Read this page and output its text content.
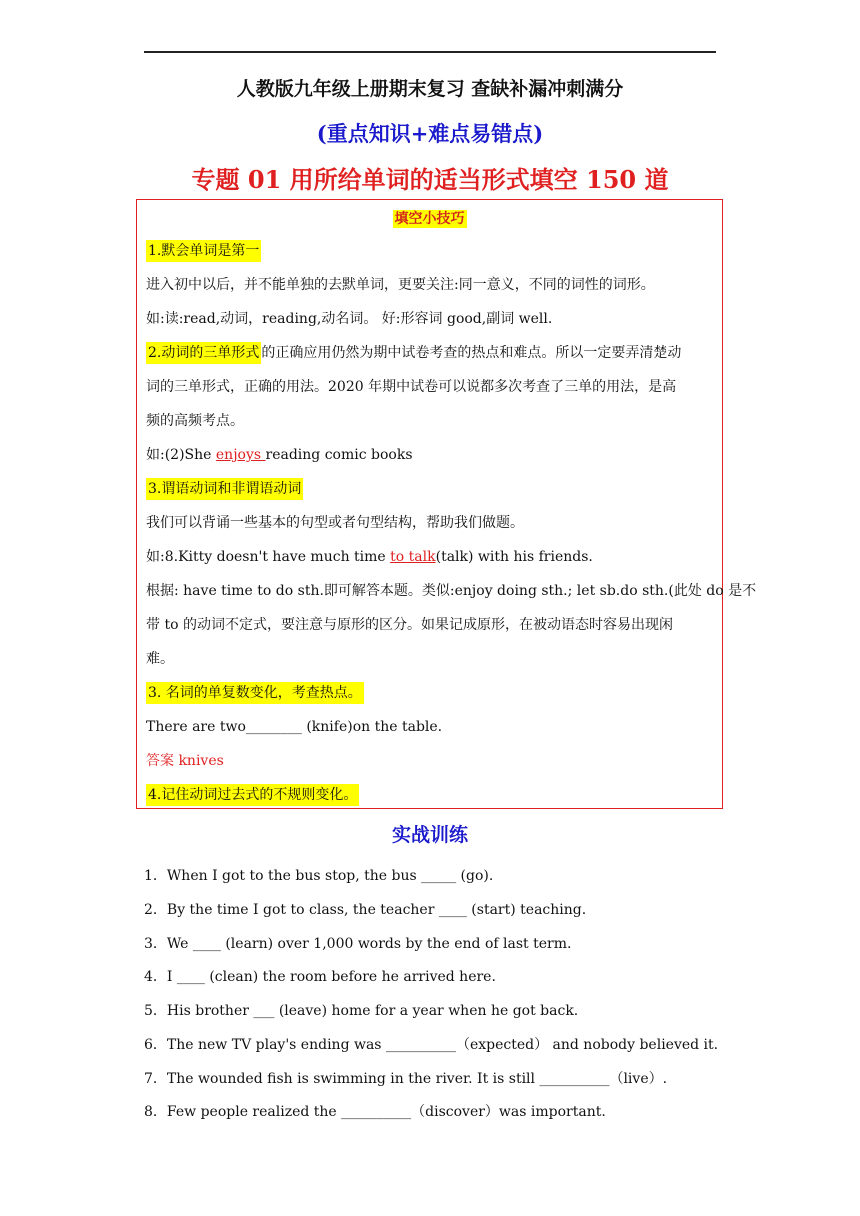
人教版九年级上册期末复习 查缺补漏冲刺满分
(重点知识+难点易错点)
专题 01 用所给单词的适当形式填空 150 道
填空小技巧
1.默会单词是第一
进入初中以后，并不能单独的去默单词，更要关注:同一意义，不同的词性的词形。
如:读:read,动词，reading,动名词。 好:形容词 good,副词 well.
2.动词的三单形式 的正确应用仍然为期中试卷考查的热点和难点。所以一定要弄清楚动
词的三单形式，正确的用法。2020 年期中试卷可以说都多次考查了三单的用法，是高
频的高频考点。
如:(2)She enjoys reading comic books
3.谓语动词和非谓语动词
我们可以背诵一些基本的句型或者句型结构，帮助我们做题。
如:8.Kitty doesn't have much time to talk(talk) with his friends.
根据: have time to do sth.即可解答本题。类似:enjoy doing sth.; let sb.do sth.(此处 do 是不
带 to 的动词不定式，要注意与原形的区分。如果记成原形，在被动语态时容易出现闲
难。
3. 名词的单复数变化，考查热点。
There are two________ (knife)on the table.
答案 knives
4.记住动词过去式的不规则变化。
实战训练
1．When I got to the bus stop, the bus _____ (go).
2．By the time I got to class, the teacher ____ (start) teaching.
3．We ____ (learn) over 1,000 words by the end of last term.
4．I ____ (clean) the room before he arrived here.
5．His brother ___ (leave) home for a year when he got back.
6．The new TV play's ending was __________（expected） and nobody believed it.
7．The wounded fish is swimming in the river. It is still __________（live）.
8．Few people realized the __________（discover）was important.
